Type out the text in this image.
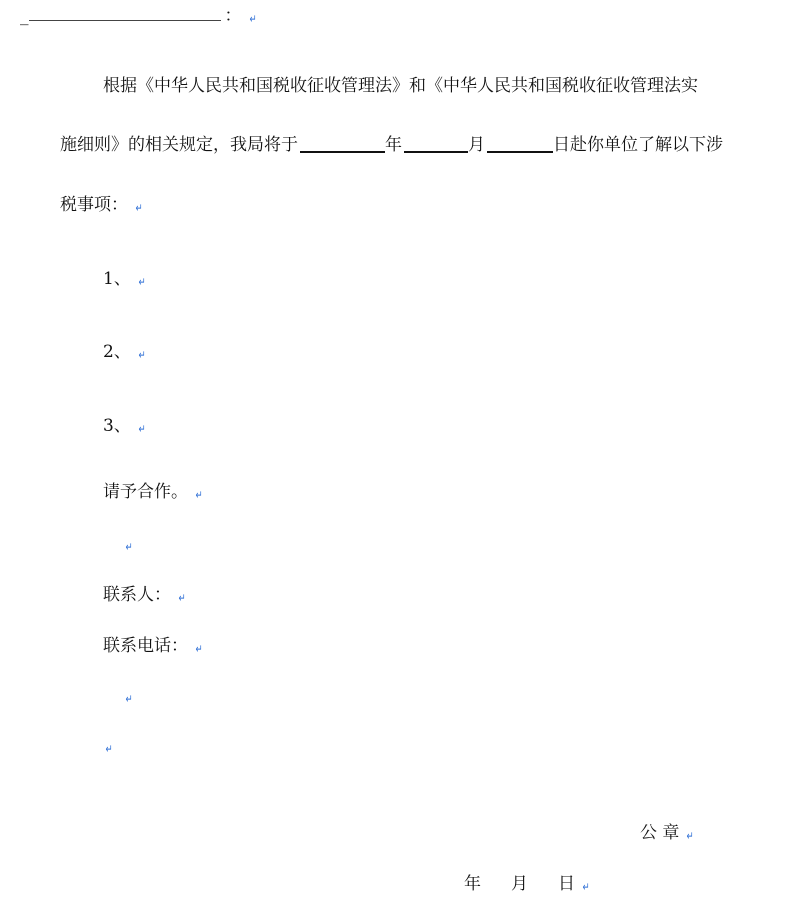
_	： ↵
根据《中华人民共和国税收征收管理法》和《中华人民共和国税收征收管理法实
施细则》的相关规定，我局将于	年	月	日赴你单位了解以下涉
税事项： ↵
1、 ↵
2、 ↵
3、 ↵
请予合作。 ↵
↵
联系人： ↵
联系电话： ↵
↵
↵
公 章 ↵
年 月 日 ↵
